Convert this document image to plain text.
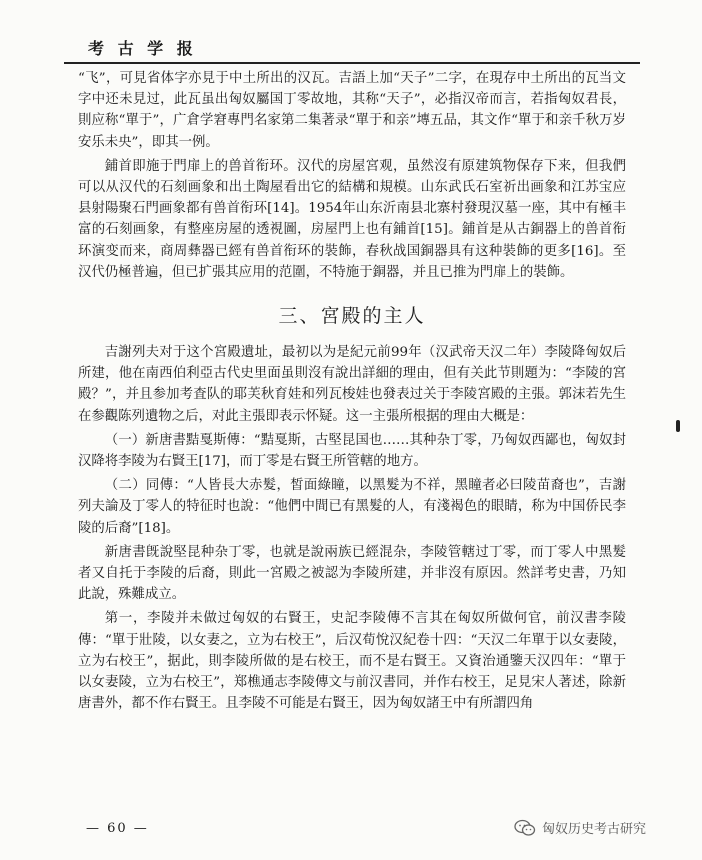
考 古 学 报

“飞”，可見省体字亦見于中土所出的汉瓦。吉語上加“天子”二字，在現存中土所出的瓦当文字中还未見过，此瓦虽出匈奴屬国丁零故地，其称“天子”，必指汉帝而言，若指匈奴君長，則应称“單于”，广倉学窘專門名家第二集著录“單于和亲”塼五品，其文作“單于和亲千秋万岁安乐未央”，即其一例。

鋪首即施于門扉上的兽首衔环。汉代的房屋宮观，虽然沒有原建筑物保存下来，但我們可以从汉代的石刻画象和出土陶屋看出它的結構和規模。山东武氏石室祈出画象和江苏宝应县射陽聚石門画象都有兽首衔环[14]。1954年山东沂南县北寨村發現汉墓一座，其中有極丰富的石刻画象，有整座房屋的透視圖，房屋門上也有鋪首[15]。鋪首是从古銅器上的兽首衔环演变而来，商周彝器已經有兽首衔环的裝飾，春秋战国銅器具有这种裝飾的更多[16]。至汉代仍極普遍，但已扩張其应用的范圍，不特施于銅器，并且已推为門扉上的裝飾。

三、宮殿的主人

吉謝列夫对于这个宮殿遺址，最初以为是紀元前99年（汉武帝天汉二年）李陵降匈奴后所建，他在南西伯利亞古代史里面虽則沒有說出詳細的理由，但有关此节則題为：“李陵的宮殿？”，并且参加考査队的耶芙秋育娃和列瓦梭娃也發表过关于李陵宮殿的主張。郭沫若先生在参觀陈列遺物之后，对此主張即表示怀疑。这一主張所根据的理由大概是：

（一）新唐書黠戛斯傳：“黠戛斯，古堅昆国也……其种杂丁零，乃匈奴西鄙也，匈奴封汉降将李陵为右賢王[17]，而丁零是右賢王所管轄的地方。

（二）同傳：“人皆長大赤髮，皙面綠瞳，以黑髮为不祥，黑瞳者必曰陵苗裔也”，吉謝列夫論及丁零人的特征时也說：“他們中間已有黑髮的人，有淺褐色的眼睛，称为中国侨民李陵的后裔”[18]。

新唐書旣說堅昆种杂丁零，也就是說兩族已經混杂，李陵管轄过丁零，而丁零人中黑髮者又自托于李陵的后裔，則此一宮殿之被認为李陵所建，并非沒有原因。然詳考史書，乃知此說，殊難成立。

第一，李陵并未做过匈奴的右賢王，史記李陵傳不言其在匈奴所做何官，前汉書李陵傳：“單于壯陵，以女妻之，立为右校王”，后汉荀悅汉紀卷十四：“天汉二年單于以女妻陵，立为右校王”，据此，則李陵所做的是右校王，而不是右賢王。又資治通鑒天汉四年：“單于以女妻陵，立为右校王”，郑樵通志李陵傳文与前汉書同，并作右校王，足見宋人著述，除新唐書外，都不作右賢王。且李陵不可能是右賢王，因为匈奴諸王中有所謂四角

— 60 —	匈奴历史考古研究
